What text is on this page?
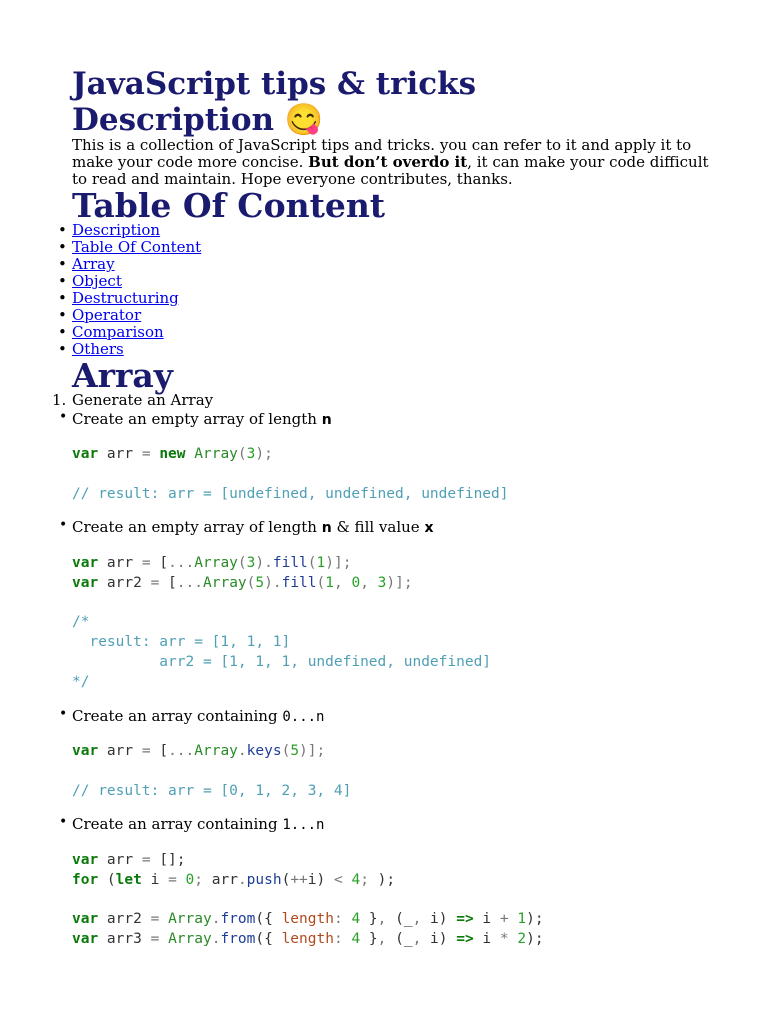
JavaScript tips & tricks
Description 😋

This is a collection of JavaScript tips and tricks. you can refer to it and apply it to make your code more concise. But don’t overdo it, it can make your code difficult to read and maintain. Hope everyone contributes, thanks.

Table Of Content
• Description
• Table Of Content
• Array
• Object
• Destructuring
• Operator
• Comparison
• Others
Array
1. Generate an Array
• Create an empty array of length n
var arr = new Array(3);
// result: arr = [undefined, undefined, undefined]
• Create an empty array of length n & fill value x
var arr = [...Array(3).fill(1)];
var arr2 = [...Array(5).fill(1, 0, 3)];
/*
result: arr = [1, 1, 1]
arr2 = [1, 1, 1, undefined, undefined]
*/
• Create an array containing 0...n
var arr = [...Array.keys(5)];
// result: arr = [0, 1, 2, 3, 4]
• Create an array containing 1...n
var arr = [];
for (let i = 0; arr.push(++i) < 4; );
var arr2 = Array.from({ length: 4 }, (_, i) => i + 1);
var arr3 = Array.from({ length: 4 }, (_, i) => i * 2);
